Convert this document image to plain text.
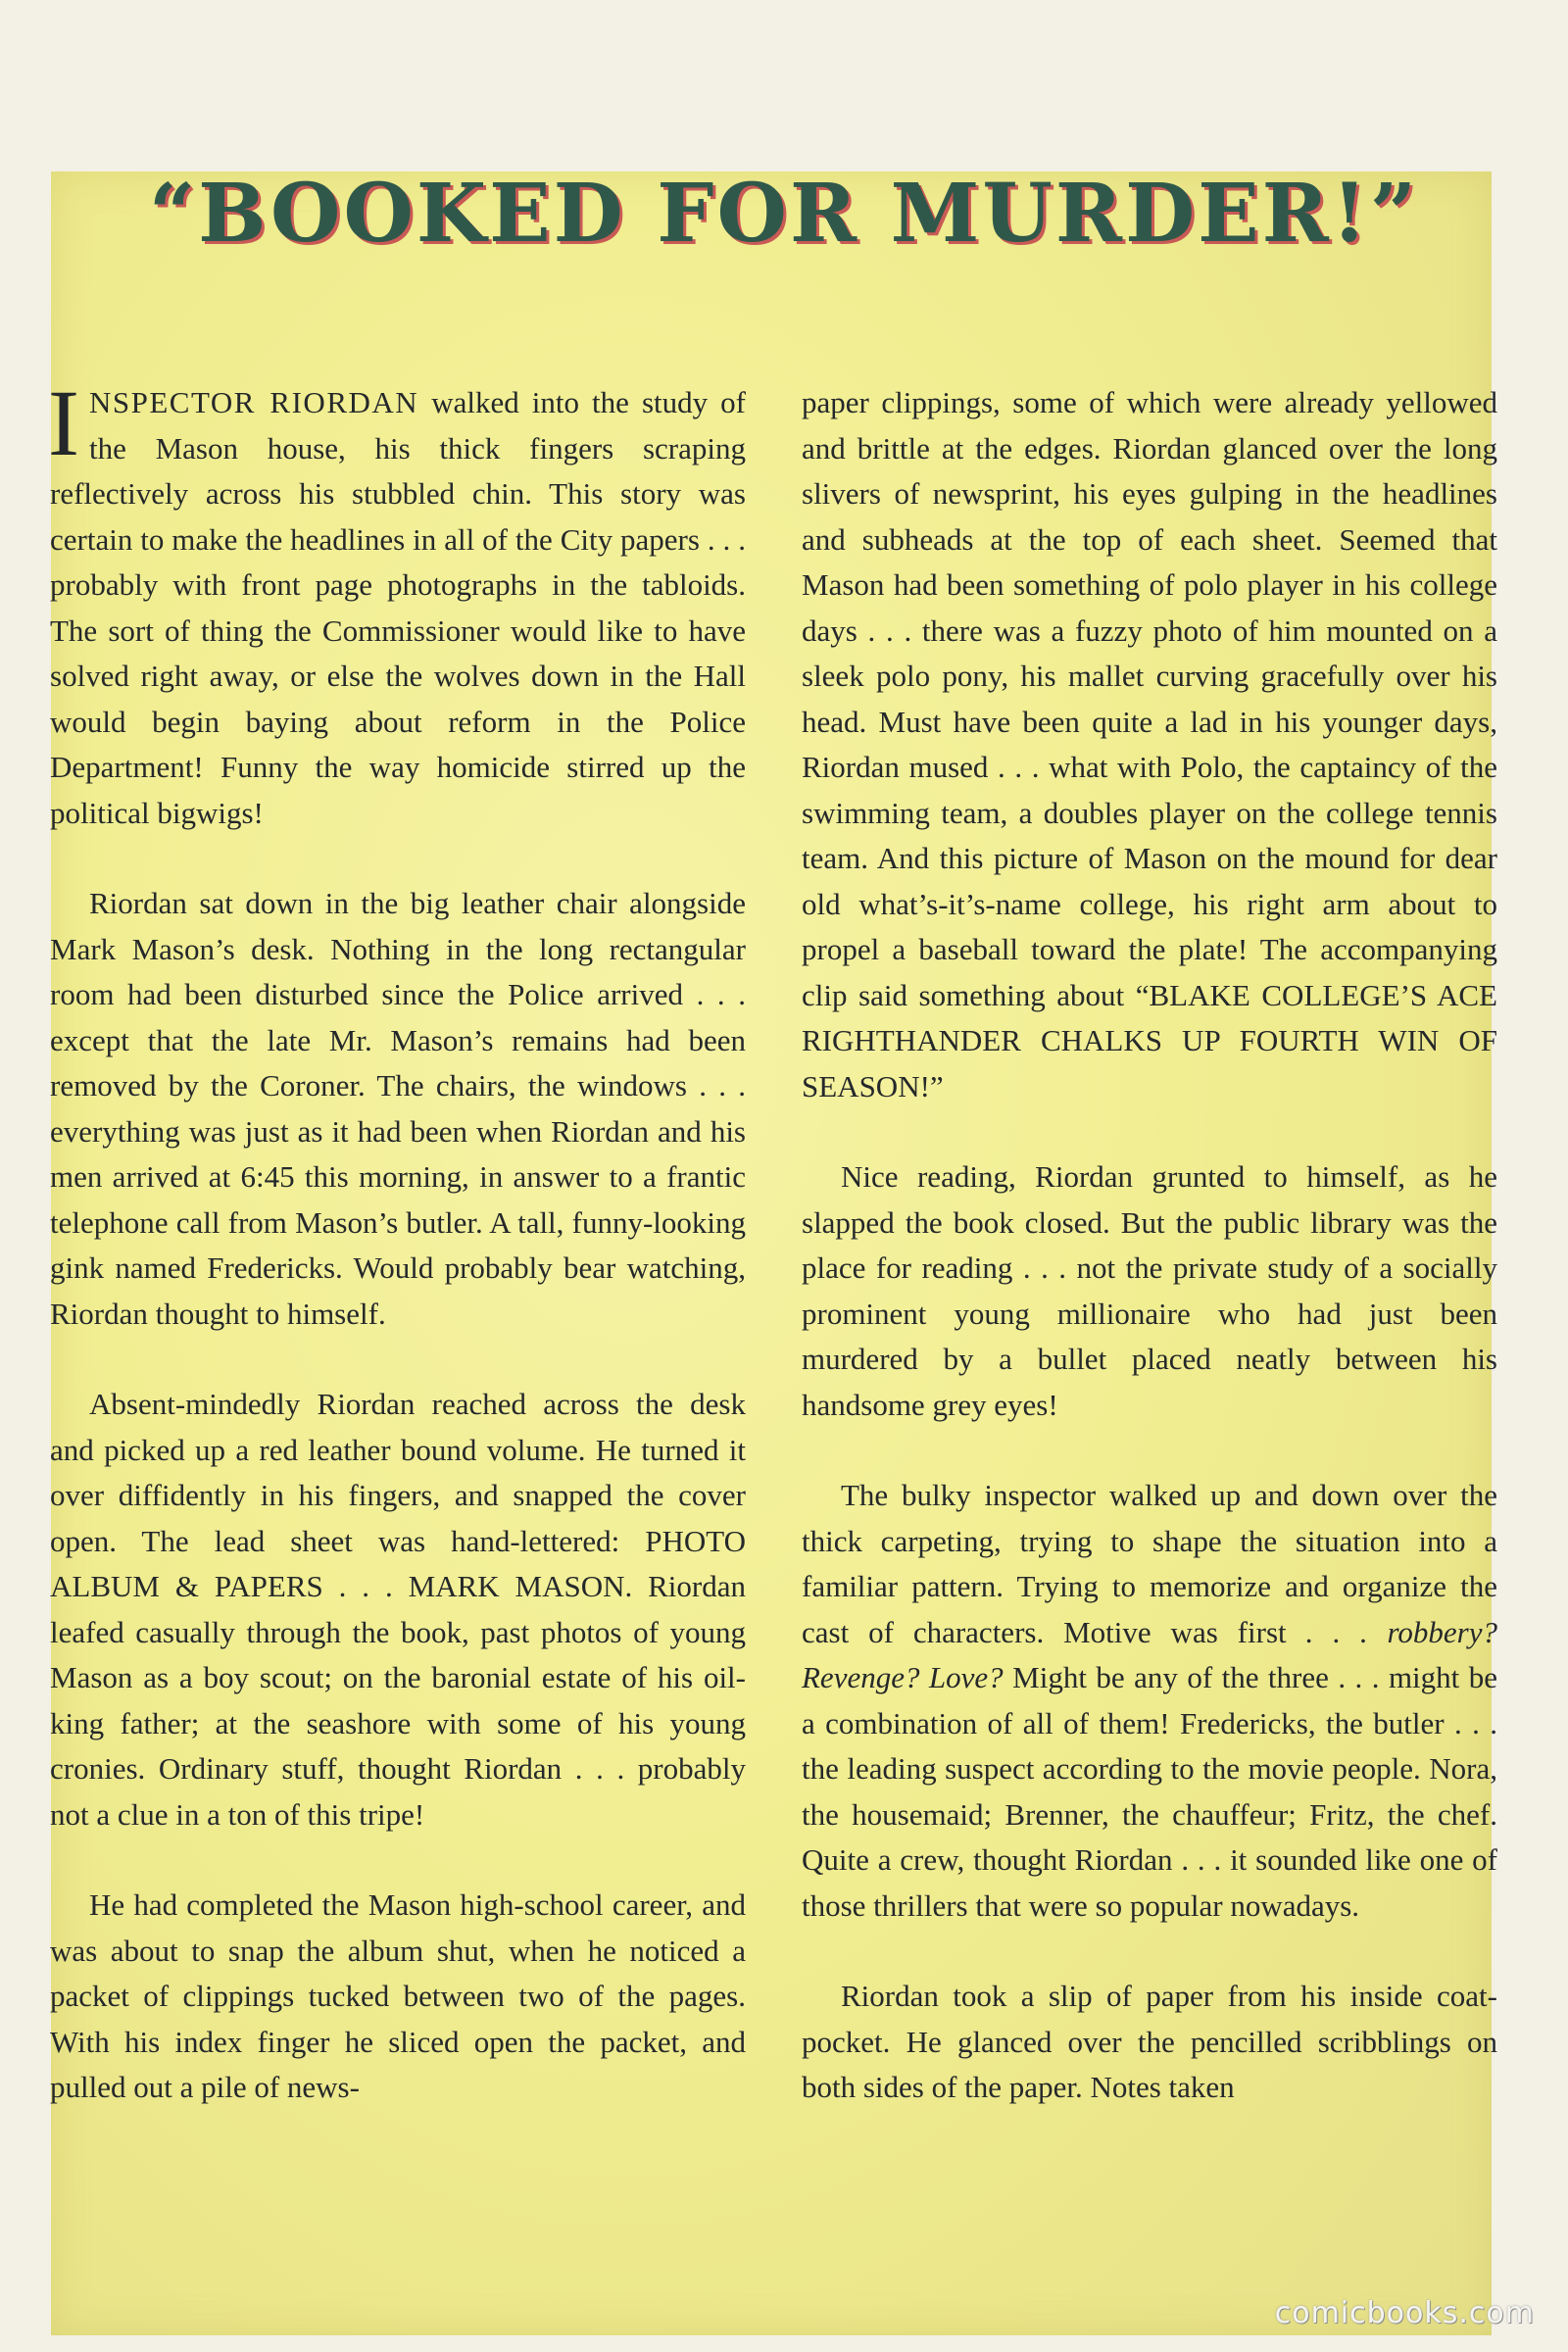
“BOOKED FOR MURDER!”

INSPECTOR RIORDAN walked into the study of the Mason house, his thick fingers scraping reflectively across his stubbled chin. This story was certain to make the headlines in all of the City papers . . . probably with front page photographs in the tabloids. The sort of thing the Commissioner would like to have solved right away, or else the wolves down in the Hall would begin baying about reform in the Police Department! Funny the way homicide stirred up the political bigwigs!

Riordan sat down in the big leather chair alongside Mark Mason’s desk. Nothing in the long rectangular room had been disturbed since the Police arrived . . . except that the late Mr. Mason’s remains had been removed by the Coroner. The chairs, the windows . . . everything was just as it had been when Riordan and his men arrived at 6:45 this morning, in answer to a frantic telephone call from Mason’s butler. A tall, funny-looking gink named Fredericks. Would probably bear watching, Riordan thought to himself.

Absent-mindedly Riordan reached across the desk and picked up a red leather bound volume. He turned it over diffidently in his fingers, and snapped the cover open. The lead sheet was hand-lettered: PHOTO ALBUM & PAPERS . . . MARK MASON. Riordan leafed casually through the book, past photos of young Mason as a boy scout; on the baronial estate of his oil-king father; at the seashore with some of his young cronies. Ordinary stuff, thought Riordan . . . probably not a clue in a ton of this tripe!

He had completed the Mason high-school career, and was about to snap the album shut, when he noticed a packet of clippings tucked between two of the pages. With his index finger he sliced open the packet, and pulled out a pile of news-

paper clippings, some of which were already yellowed and brittle at the edges. Riordan glanced over the long slivers of newsprint, his eyes gulping in the headlines and subheads at the top of each sheet. Seemed that Mason had been something of polo player in his college days . . . there was a fuzzy photo of him mounted on a sleek polo pony, his mallet curving gracefully over his head. Must have been quite a lad in his younger days, Riordan mused . . . what with Polo, the captaincy of the swimming team, a doubles player on the college tennis team. And this picture of Mason on the mound for dear old what’s-it’s-name college, his right arm about to propel a baseball toward the plate! The accompanying clip said something about “BLAKE COLLEGE’S ACE RIGHTHANDER CHALKS UP FOURTH WIN OF SEASON!”

Nice reading, Riordan grunted to himself, as he slapped the book closed. But the public library was the place for reading . . . not the private study of a socially prominent young millionaire who had just been murdered by a bullet placed neatly between his handsome grey eyes!

The bulky inspector walked up and down over the thick carpeting, trying to shape the situation into a familiar pattern. Trying to memorize and organize the cast of characters. Motive was first . . . robbery? Revenge? Love? Might be any of the three . . . might be a combination of all of them! Fredericks, the butler . . . the leading suspect according to the movie people. Nora, the housemaid; Brenner, the chauffeur; Fritz, the chef. Quite a crew, thought Riordan . . . it sounded like one of those thrillers that were so popular nowadays.

Riordan took a slip of paper from his inside coat-pocket. He glanced over the pencilled scribblings on both sides of the paper. Notes taken

comicbooks.com
